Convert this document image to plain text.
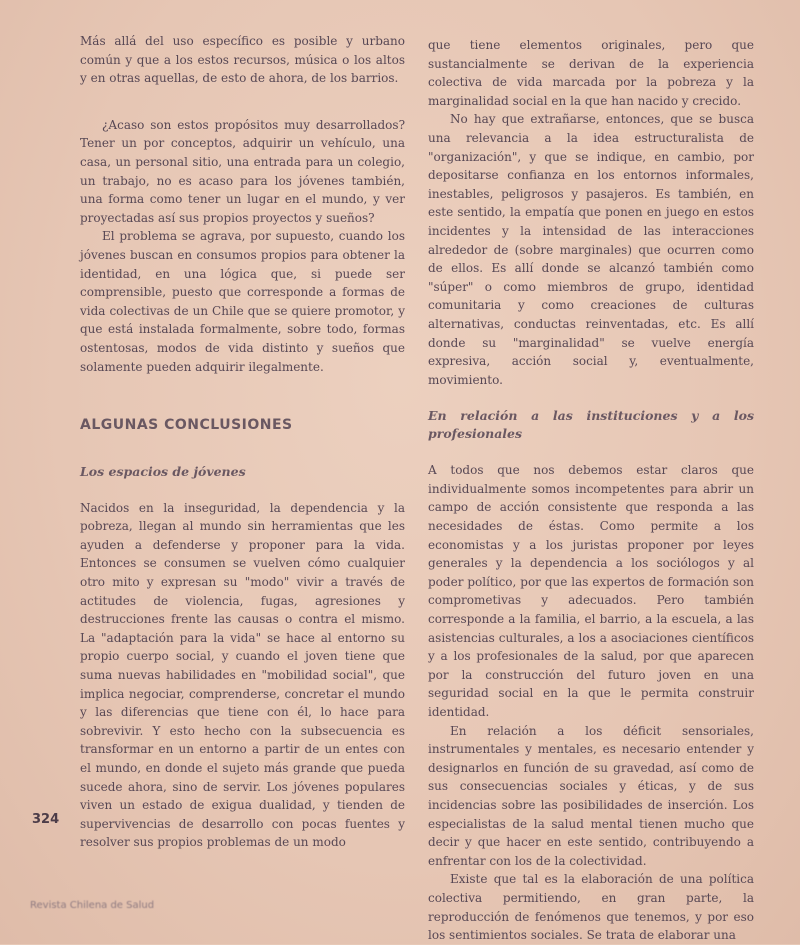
Más allá del uso específico es posible y urbano común y que a los estos recursos, música o los altos y en otras aquellas, de esto de ahora, de los barrios.

¿Acaso son estos propósitos muy desarrollados? Tener un por conceptos, adquirir un vehículo, una casa, un personal sitio, una entrada para un colegio, un trabajo, no es acaso para los jóvenes también, una forma como tener un lugar en el mundo, y ver proyectadas así sus propios proyectos y sueños?

El problema se agrava, por supuesto, cuando los jóvenes buscan en consumos propios para obtener la identidad, en una lógica que, si puede ser comprensible, puesto que corresponde a formas de vida colectivas de un Chile que se quiere promotor, y que está instalada formalmente, sobre todo, formas ostentosas, modos de vida distinto y sueños que solamente pueden adquirir ilegalmente.

ALGUNAS CONCLUSIONES
Los espacios de jóvenes

Nacidos en la inseguridad, la dependencia y la pobreza, llegan al mundo sin herramientas que les ayuden a defenderse y proponer para la vida. Entonces se consumen se vuelven cómo cualquier otro mito y expresan su "modo" vivir a través de actitudes de violencia, fugas, agresiones y destrucciones frente las causas o contra el mismo. La "adaptación para la vida" se hace al entorno su propio cuerpo social, y cuando el joven tiene que suma nuevas habilidades en "mobilidad social", que implica negociar, comprenderse, concretar el mundo y las diferencias que tiene con él, lo hace para sobrevivir. Y esto hecho con la subsecuencia es transformar en un entorno a partir de un entes con el mundo, en donde el sujeto más grande que pueda sucede ahora, sino de servir. Los jóvenes populares viven un estado de exigua dualidad, y tienden de supervivencias de desarrollo con pocas fuentes y resolver sus propios problemas de un modo

que tiene elementos originales, pero que sustancialmente se derivan de la experiencia colectiva de vida marcada por la pobreza y la marginalidad social en la que han nacido y crecido.

No hay que extrañarse, entonces, que se busca una relevancia a la idea estructuralista de "organización", y que se indique, en cambio, por depositarse confianza en los entornos informales, inestables, peligrosos y pasajeros. Es también, en este sentido, la empatía que ponen en juego en estos incidentes y la intensidad de las interacciones alrededor de (sobre marginales) que ocurren como de ellos. Es allí donde se alcanzó también como "súper" o como miembros de grupo, identidad comunitaria y como creaciones de culturas alternativas, conductas reinventadas, etc. Es allí donde su "marginalidad" se vuelve energía expresiva, acción social y, eventualmente, movimiento.

En relación a las instituciones y a los profesionales

A todos que nos debemos estar claros que individualmente somos incompetentes para abrir un campo de acción consistente que responda a las necesidades de éstas. Como permite a los economistas y a los juristas proponer por leyes generales y la dependencia a los sociólogos y al poder político, por que las expertos de formación son comprometivas y adecuados. Pero también corresponde a la familia, el barrio, a la escuela, a las asistencias culturales, a los a asociaciones científicos y a los profesionales de la salud, por que aparecen por la construcción del futuro joven en una seguridad social en la que le permita construir identidad.

En relación a los déficit sensoriales, instrumentales y mentales, es necesario entender y designarlos en función de su gravedad, así como de sus consecuencias sociales y éticas, y de sus incidencias sobre las posibilidades de inserción. Los especialistas de la salud mental tienen mucho que decir y que hacer en este sentido, contribuyendo a enfrentar con los de la colectividad.

Existe que tal es la elaboración de una política colectiva permitiendo, en gran parte, la reproducción de fenómenos que tenemos, y por eso los sentimientos sociales. Se trata de elaborar una

324
Revista Chilena de Salud
